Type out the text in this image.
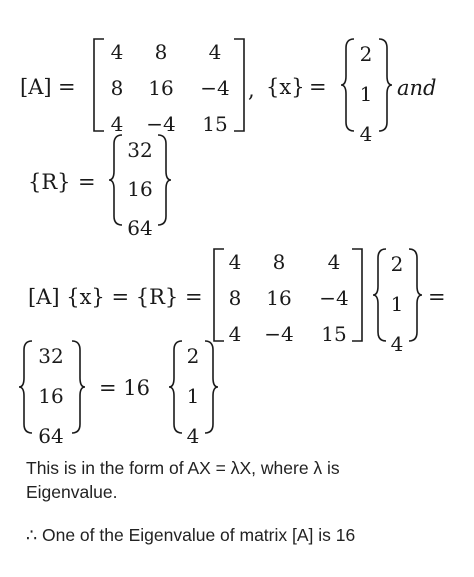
[A] =
4	8	4
8	16	−4
4	−4	15
, {x} =
2
1
4
and
{R} =
32
16
64
[A] {x} = {R} =
4	8	4
8	16	−4
4	−4	15
2
1
4
=
32
16
64
= 16
2
1
4
This is in the form of AX = λX, where λ is
Eigenvalue.
∴ One of the Eigenvalue of matrix [A] is 16
